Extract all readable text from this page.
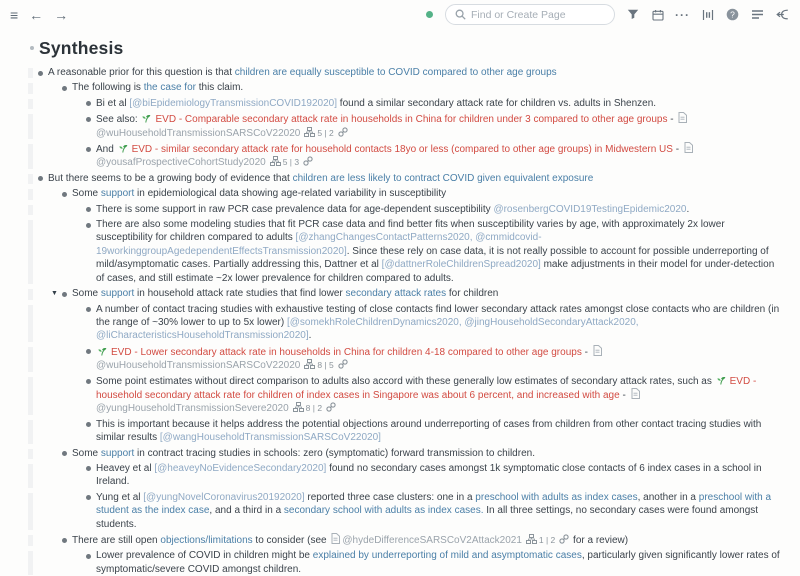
≡ ← →
Find or Create Page	···	?
Synthesis
A reasonable prior for this question is that children are equally susceptible to COVID compared to other age groups
The following is the case for this claim.
Bi et al [@biEpidemiologyTransmissionCOVID192020] found a similar secondary attack rate for children vs. adults in Shenzen.
See also: EVD - Comparable secondary attack rate in households in China for children under 3 compared to other age groups - @wuHouseholdTransmissionSARSCoV22020 5 | 2
And EVD - similar secondary attack rate for household contacts 18yo or less (compared to other age groups) in Midwestern US - @yousafProspectiveCohortStudy2020 5 | 3
But there seems to be a growing body of evidence that children are less likely to contract COVID given equivalent exposure
Some support in epidemiological data showing age-related variability in susceptibility
There is some support in raw PCR case prevalence data for age-dependent susceptibility @rosenbergCOVID19TestingEpidemic2020.
There are also some modeling studies that fit PCR case data and find better fits when susceptibility varies by age, with approximately 2x lower susceptibility for children compared to adults [@zhangChangesContactPatterns2020, @cmmidcovid-19workinggroupAgedependentEffectsTransmission2020]. Since these rely on case data, it is not really possible to account for possible underreporting of mild/asymptomatic cases. Partially addressing this, Dattner et al [@dattnerRoleChildrenSpread2020] make adjustments in their model for under-detection of cases, and still estimate ~2x lower prevalence for children compared to adults.
▼ Some support in household attack rate studies that find lower secondary attack rates for children
A number of contact tracing studies with exhaustive testing of close contacts find lower secondary attack rates amongst close contacts who are children (in the range of ~30% lower to up to 5x lower) [@somekhRoleChildrenDynamics2020, @jingHouseholdSecondaryAttack2020, @liCharacteristicsHouseholdTransmission2020].
EVD - Lower secondary attack rate in households in China for children 4-18 compared to other age groups - @wuHouseholdTransmissionSARSCoV22020 8 | 5
Some point estimates without direct comparison to adults also accord with these generally low estimates of secondary attack rates, such as EVD - household secondary attack rate for children of index cases in Singapore was about 6 percent, and increased with age - @yungHouseholdTransmissionSevere2020 8 | 2
This is important because it helps address the potential objections around underreporting of cases from children from other contact tracing studies with similar results [@wangHouseholdTransmissionSARSCoV22020]
Some support in contract tracing studies in schools: zero (symptomatic) forward transmission to children.
Heavey et al [@heaveyNoEvidenceSecondary2020] found no secondary cases amongst 1k symptomatic close contacts of 6 index cases in a school in Ireland.
Yung et al [@yungNovelCoronavirus20192020] reported three case clusters: one in a preschool with adults as index cases, another in a preschool with a student as the index case, and a third in a secondary school with adults as index cases. In all three settings, no secondary cases were found amongst students.
There are still open objections/limitations to consider (see @hydeDifferenceSARSCoV2Attack2021 1 | 2 for a review)
Lower prevalence of COVID in children might be explained by underreporting of mild and asymptomatic cases, particularly given significantly lower rates of symptomatic/severe COVID amongst children.
